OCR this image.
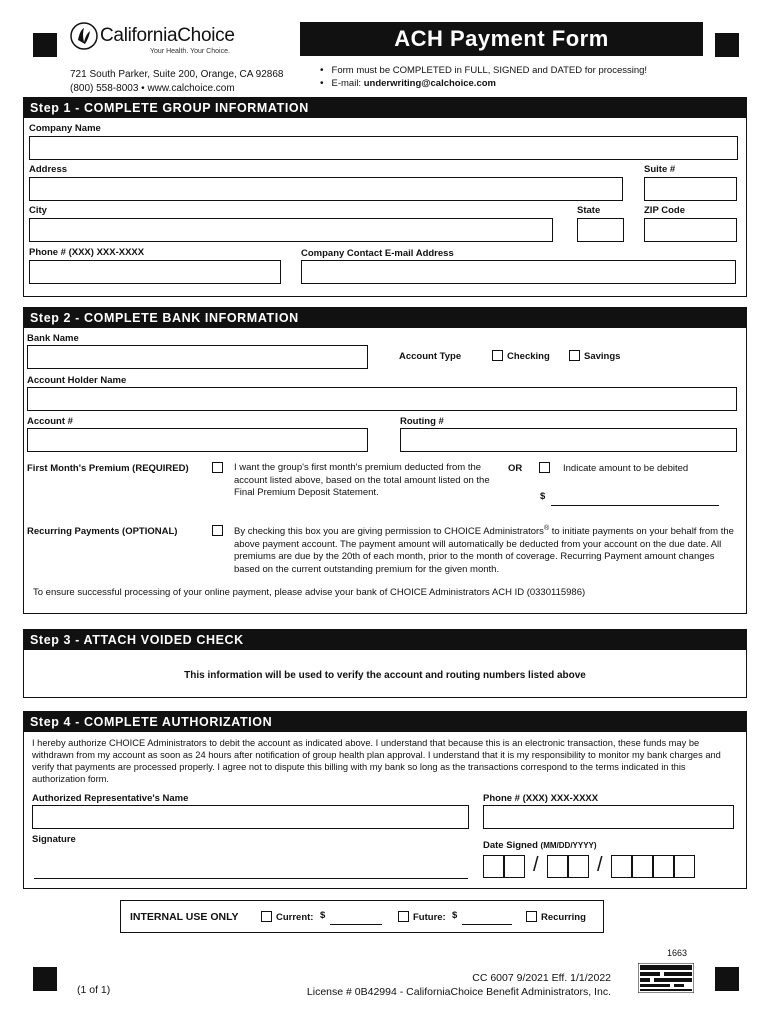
CaliforniaChoice
Your Health. Your Choice.
ACH Payment Form
721 South Parker, Suite 200, Orange, CA 92868
(800) 558-8003 • www.calchoice.com
• Form must be COMPLETED in FULL, SIGNED and DATED for processing!
• E-mail: underwriting@calchoice.com
Step 1 - COMPLETE GROUP INFORMATION
Company Name
Address	Suite #
City	State	ZIP Code
Phone # (XXX) XXX-XXXX	Company Contact E-mail Address
Step 2 - COMPLETE BANK INFORMATION
Bank Name
Account Type	Checking	Savings
Account Holder Name
Account #	Routing #
First Month's Premium (REQUIRED)	I want the group's first month's premium deducted from the account listed above, based on the total amount listed on the Final Premium Deposit Statement.
OR	Indicate amount to be debited
$
Recurring Payments (OPTIONAL)	By checking this box you are giving permission to CHOICE Administrators® to initiate payments on your behalf from the above payment account. The payment amount will automatically be deducted from your account on the due date. All premiums are due by the 20th of each month, prior to the month of coverage. Recurring Payment amount changes based on the current outstanding premium for the given month.
To ensure successful processing of your online payment, please advise your bank of CHOICE Administrators ACH ID (0330115986)
Step 3 - ATTACH VOIDED CHECK
This information will be used to verify the account and routing numbers listed above
Step 4 - COMPLETE AUTHORIZATION
I hereby authorize CHOICE Administrators to debit the account as indicated above. I understand that because this is an electronic transaction, these funds may be withdrawn from my account as soon as 24 hours after notification of group health plan approval. I understand that it is my responsibility to monitor my bank charges and verify that payments are processed properly. I agree not to dispute this billing with my bank so long as the transactions correspond to the terms indicated in this authorization form.
Authorized Representative's Name	Phone # (XXX) XXX-XXXX
Signature
Date Signed (MM/DD/YYYY)
/	/
INTERNAL USE ONLY	Current: $	Future: $	Recurring
1663
(1 of 1)
CC 6007 9/2021 Eff. 1/1/2022
License # 0B42994 - CaliforniaChoice Benefit Administrators, Inc.
